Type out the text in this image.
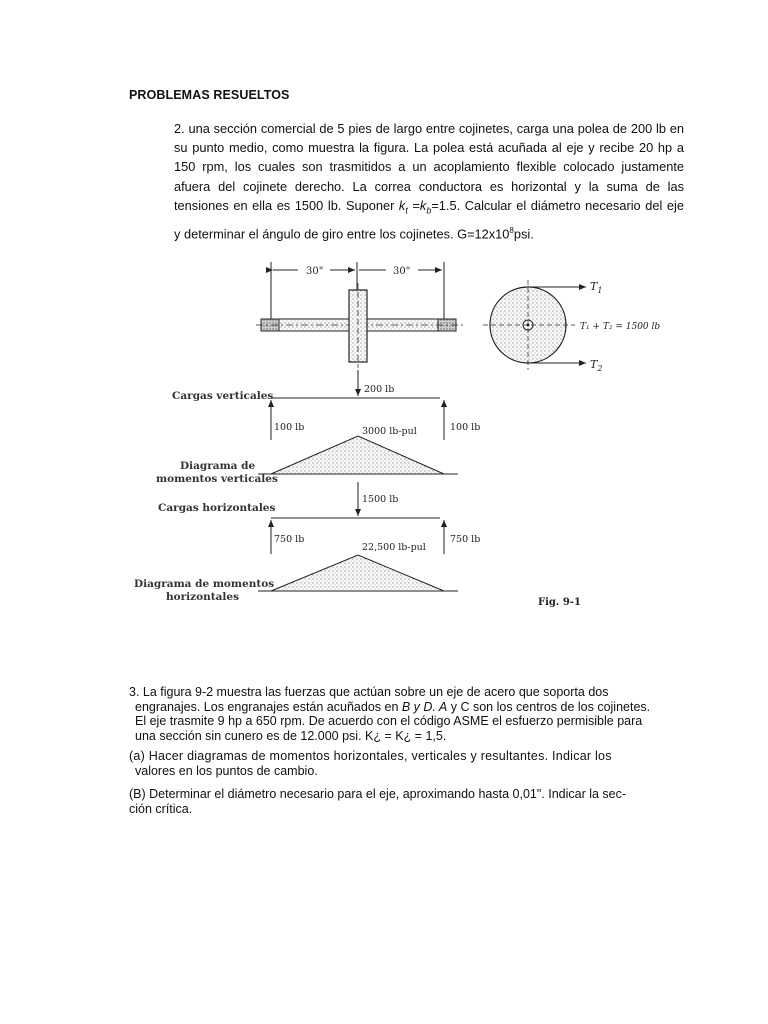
PROBLEMAS RESUELTOS
2. una sección comercial de 5 pies de largo entre cojinetes, carga una polea de 200 lb en
su punto medio, como muestra la figura. La polea está acuñada al eje y recibe 20 hp a
150 rpm, los cuales son trasmitidos a un acoplamiento flexible colocado justamente
afuera del cojinete derecho. La correa conductora es horizontal y la suma de las
tensiones en ella es 1500 lb. Suponer $k_t =k_b=1.5$. Calcular el diámetro necesario del eje
y determinar el ángulo de giro entre los cojinetes. $G=12x10^8psi$.
30"	30"
$T_1$
$T_2$
T₁ + T₂ = 1500 lb
Cargas verticales
200 lb
100 lb	100 lb
Diagrama de
momentos verticales
3000 lb-pul
Cargas horizontales
1500 lb
750 lb	750 lb
Diagrama de momentos
horizontales
22,500 lb-pul
Fig. 9-1
3. La figura 9-2 muestra las fuerzas que actúan sobre un eje de acero que soporta dos
engranajes. Los engranajes están acuñados en B y D. A y C son los centros de los cojinetes.
El eje trasmite 9 hp a 650 rpm. De acuerdo con el código ASME el esfuerzo permisible para
una sección sin cunero es de 12.000 psi. K¿ = K¿ = 1,5.
(a) Hacer diagramas de momentos horizontales, verticales y resultantes. Indicar los
valores en los puntos de cambio.
(B) Determinar el diámetro necesario para el eje, aproximando hasta 0,01". Indicar la sec-
ción crítica.
